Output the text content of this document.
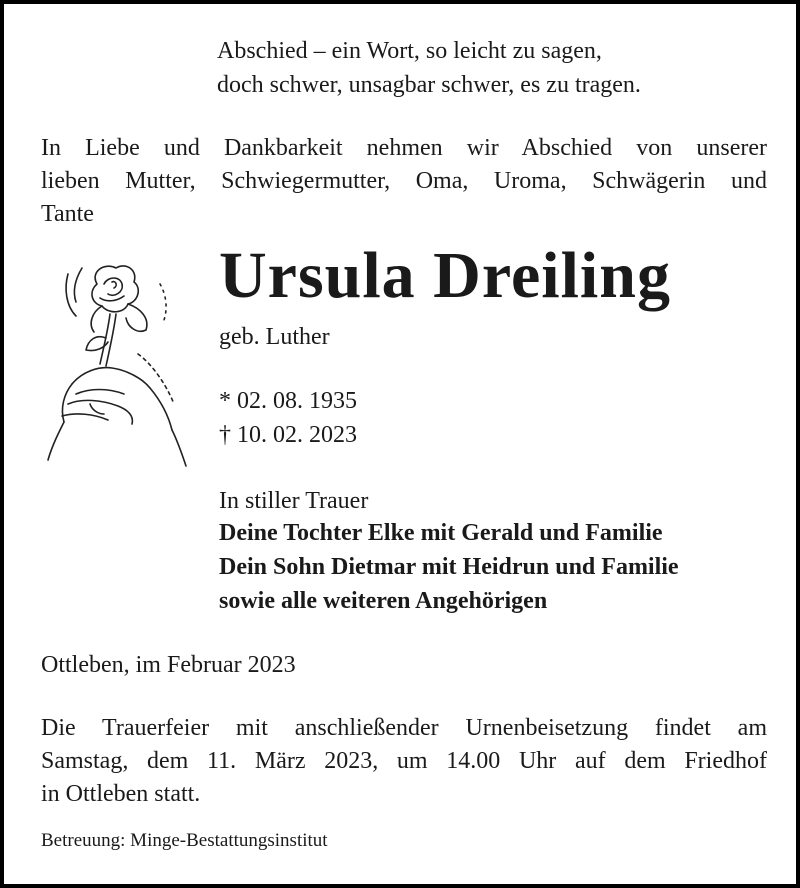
Abschied – ein Wort, so leicht zu sagen,

doch schwer, unsagbar schwer, es zu tragen.

In Liebe und Dankbarkeit nehmen wir Abschied von unserer
lieben Mutter, Schwiegermutter, Oma, Uroma, Schwägerin und
Tante

Ursula Dreiling

geb. Luther

* 02. 08. 1935

† 10. 02. 2023

In stiller Trauer

Deine Tochter Elke mit Gerald und Familie

Dein Sohn Dietmar mit Heidrun und Familie

sowie alle weiteren Angehörigen

Ottleben, im Februar 2023

Die Trauerfeier mit anschließender Urnenbeisetzung findet am
Samstag, dem 11. März 2023, um 14.00 Uhr auf dem Friedhof
in Ottleben statt.

Betreuung: Minge-Bestattungsinstitut
